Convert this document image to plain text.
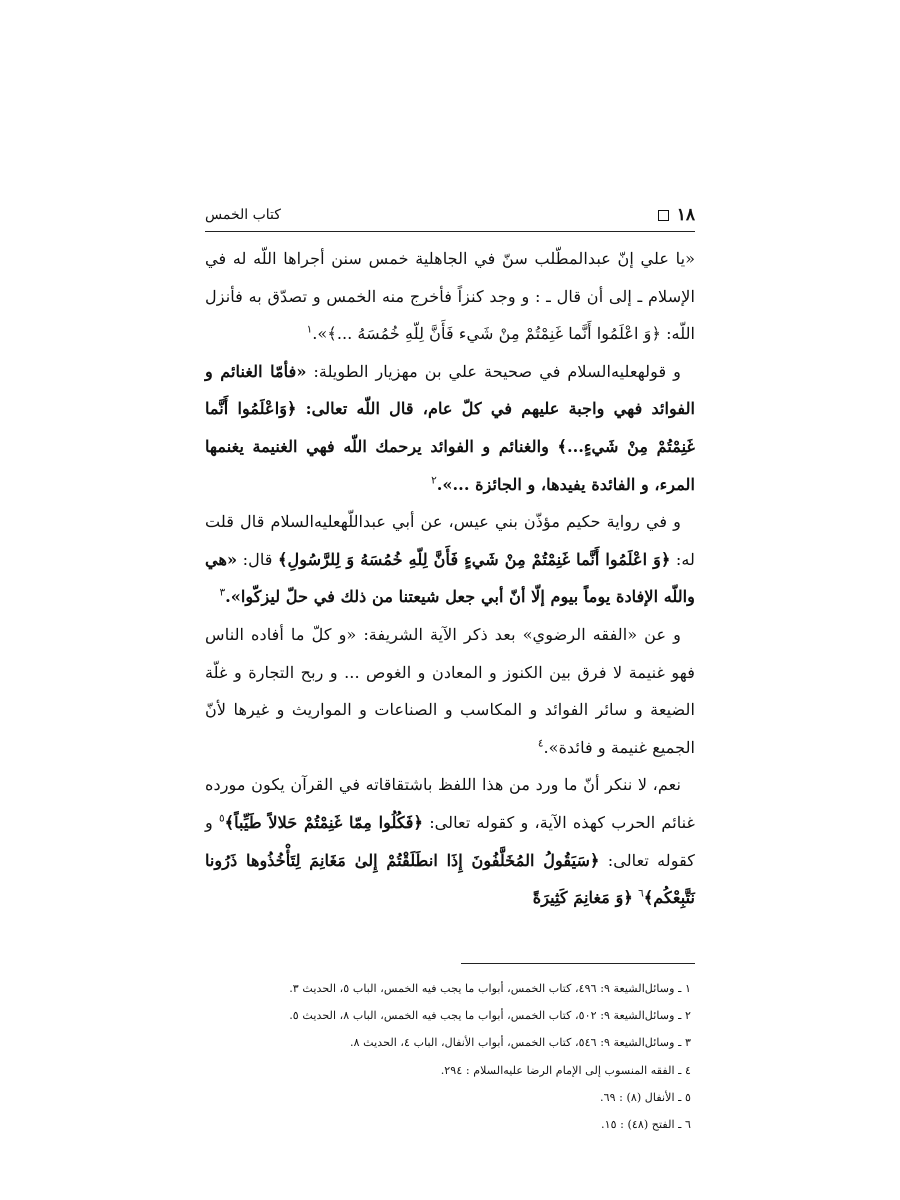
١٨
كتاب الخمس

«يا علي إنّ عبدالمطّلب سنّ في الجاهلية خمس سنن أجراها اللّه له في الإسلام ـ إلى أن قال ـ : و وجد كنزاً فأخرج منه الخمس و تصدّق به فأنزل اللّه: ﴿وَ اعْلَمُوا أَنَّما غَنِمْتُمْ مِنْ شَيء فَأَنَّ لِلّهِ خُمُسَهُ ...﴾».$^١$

و قولهعليه‌السلام في صحيحة علي بن مهزيار الطويلة: «فأمّا الغنائم و الفوائد فهي واجبة عليهم في كلّ عام، قال اللّه تعالى: ﴿وَاعْلَمُوا أَنَّما غَنِمْتُمْ مِنْ شَيءٍ...﴾ والغنائم و الفوائد يرحمك اللّه فهي الغنيمة يغنمها المرء، و الفائدة يفيدها، و الجائزة ...».$^٢$

و في رواية حكيم مؤذّن بني عيس، عن أبي عبداللّهعليه‌السلام قال قلت له: ﴿وَ اعْلَمُوا أَنَّما غَنِمْتُمْ مِنْ شَيءٍ فَأَنَّ لِلّهِ خُمُسَهُ وَ لِلرَّسُولِ﴾ قال: «هي واللّه الإفادة يوماً بيوم إلّا أنّ أبي جعل شيعتنا من ذلك في حلّ ليزكّوا».$^٣$

و عن «الفقه الرضوي» بعد ذكر الآية الشريفة: «و كلّ ما أفاده الناس فهو غنيمة لا فرق بين الكنوز و المعادن و الغوص ... و ربح التجارة و غلّة الضيعة و سائر الفوائد و المكاسب و الصناعات و المواريث و غيرها لأنّ الجميع غنيمة و فائدة».$^٤$

نعم، لا ننكر أنّ ما ورد من هذا اللفظ باشتقاقاته في القرآن يكون مورده غنائم الحرب كهذه الآية، و كقوله تعالى: ﴿فَكُلُوا مِمّا غَنِمْتُمْ حَلالاً طَيِّباً﴾$^٥$ و كقوله تعالى: ﴿سَيَقُولُ المُخَلَّفُونَ إِذَا انطَلَقْتُمْ إِلىٰ مَغَانِمَ لِتَأْخُذُوها ذَرُونا نَتَّبِعْكُم﴾$^٦$ ﴿وَ مَغانِمَ كَثِيرَةً

١ ـ وسائل‌الشيعة ٩: ٤٩٦، كتاب الخمس، أبواب ما يجب فيه الخمس، الباب ٥، الحديث ٣.
٢ ـ وسائل‌الشيعة ٩: ٥٠٢، كتاب الخمس، أبواب ما يجب فيه الخمس، الباب ٨، الحديث ٥.
٣ ـ وسائل‌الشيعة ٩: ٥٤٦، كتاب الخمس، أبواب الأنفال، الباب ٤، الحديث ٨.
٤ ـ الفقه المنسوب إلى الإمام الرضا عليه‌السلام : ٢٩٤.
٥ ـ الأنفال (٨) : ٦٩.
٦ ـ الفتح (٤٨) : ١٥.
